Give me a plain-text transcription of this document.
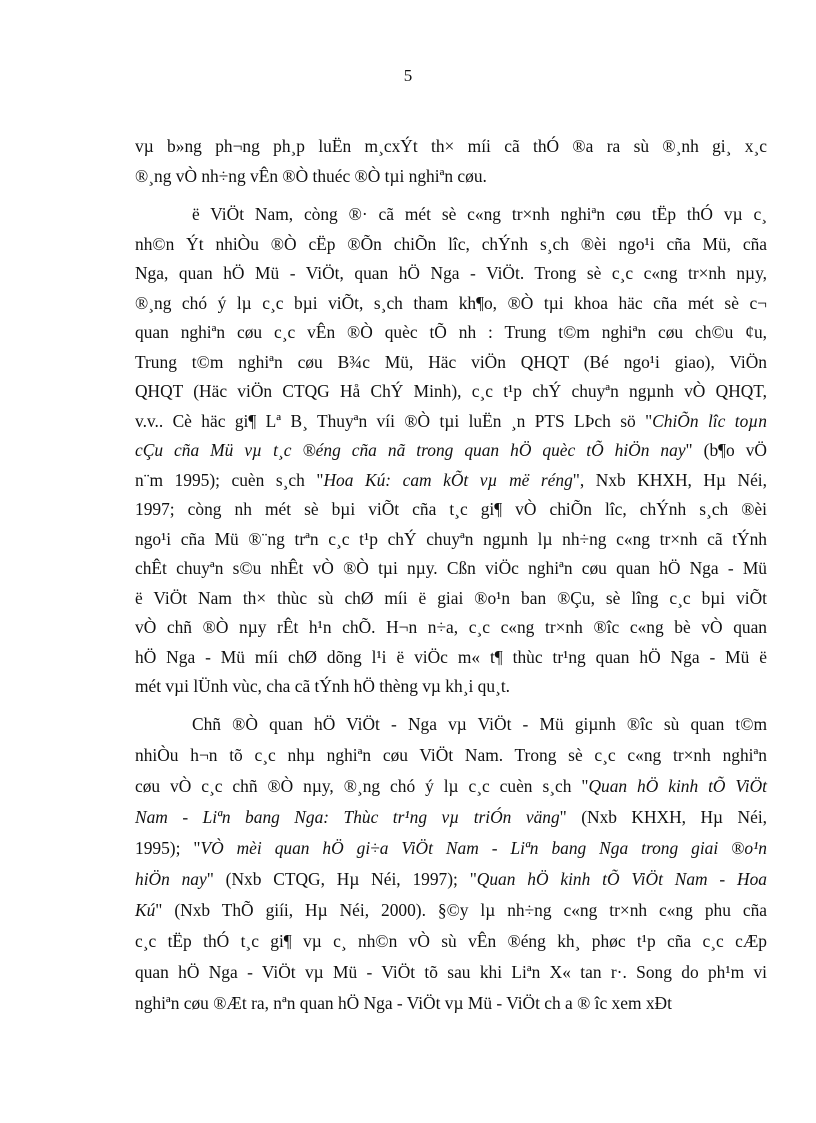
5
vµ b»ng ph¬ng ph¸p luËn m¸cxÝt th× míi cã thÓ ®a ra sù ®¸nh gi¸ x¸c
®¸ng vÒ nh÷ng vÊn ®Ò thuéc ®Ò tµi nghiªn cøu.
ë ViÖt Nam, còng ®· cã mét sè c«ng tr×nh nghiªn cøu tËp thÓ vµ c¸
nh©n Ýt nhiÒu ®Ò cËp ®Õn chiÕn lîc, chÝnh s¸ch ®èi ngo¹i cña Mü, cña
Nga, quan hÖ Mü - ViÖt, quan hÖ Nga - ViÖt. Trong sè c¸c c«ng tr×nh nµy,
®¸ng chó ý lµ c¸c bµi viÕt, s¸ch tham kh¶o, ®Ò tµi khoa häc cña mét sè c¬
quan nghiªn cøu c¸c vÊn ®Ò quèc tÕ nh : Trung t©m nghiªn cøu ch©u ¢u,
Trung t©m nghiªn cøu B¾c Mü, Häc viÖn QHQT (Bé ngo¹i giao), ViÖn
QHQT (Häc viÖn CTQG Hå ChÝ Minh), c¸c t¹p chÝ chuyªn ngµnh vÒ QHQT,
v.v.. Cè häc gi¶ Lª B¸ Thuyªn víi ®Ò tµi luËn ¸n PTS LÞch sö "ChiÕn lîc toµn
cÇu cña Mü vµ t¸c ®éng cña nã trong quan hÖ quèc tÕ hiÖn nay" (b¶o vÖ
n¨m 1995); cuèn s¸ch "Hoa Kú: cam kÕt vµ më réng", Nxb KHXH, Hµ Néi,
1997; còng nh mét sè bµi viÕt cña t¸c gi¶ vÒ chiÕn lîc, chÝnh s¸ch ®èi
ngo¹i cña Mü ®¨ng trªn c¸c t¹p chÝ chuyªn ngµnh lµ nh÷ng c«ng tr×nh cã tÝnh
chÊt chuyªn s©u nhÊt vÒ ®Ò tµi nµy. Cßn viÖc nghiªn cøu quan hÖ Nga - Mü
ë ViÖt Nam th× thùc sù chØ míi ë giai ®o¹n ban ®Çu, sè lîng c¸c bµi viÕt
vÒ chñ ®Ò nµy rÊt h¹n chÕ. H¬n n÷a, c¸c c«ng tr×nh ®îc c«ng bè vÒ quan
hÖ Nga - Mü míi chØ dõng l¹i ë viÖc m« t¶ thùc tr¹ng quan hÖ Nga - Mü ë
mét vµi lÜnh vùc, cha cã tÝnh hÖ thèng vµ kh¸i qu¸t.
Chñ ®Ò quan hÖ ViÖt - Nga vµ ViÖt - Mü giµnh ®îc sù quan t©m
nhiÒu h¬n tõ c¸c nhµ nghiªn cøu ViÖt Nam. Trong sè c¸c c«ng tr×nh nghiªn
cøu vÒ c¸c chñ ®Ò nµy, ®¸ng chó ý lµ c¸c cuèn s¸ch "Quan hÖ kinh tÕ ViÖt
Nam - Liªn bang Nga: Thùc tr¹ng vµ triÓn väng" (Nxb KHXH, Hµ Néi,
1995); "VÒ mèi quan hÖ gi÷a ViÖt Nam - Liªn bang Nga trong giai ®o¹n
hiÖn nay" (Nxb CTQG, Hµ Néi, 1997); "Quan hÖ kinh tÕ ViÖt Nam - Hoa
Kú" (Nxb ThÕ giíi, Hµ Néi, 2000). §©y lµ nh÷ng c«ng tr×nh c«ng phu cña
c¸c tËp thÓ t¸c gi¶ vµ c¸ nh©n vÒ sù vÊn ®éng kh¸ phøc t¹p cña c¸c cÆp
quan hÖ Nga - ViÖt vµ Mü - ViÖt tõ sau khi Liªn X« tan r·. Song do ph¹m vi
nghiªn cøu ®Æt ra, nªn quan hÖ Nga - ViÖt vµ Mü - ViÖt ch a ® îc xem xÐt
